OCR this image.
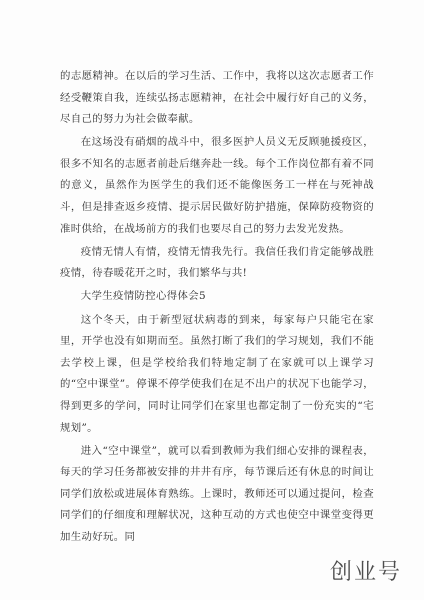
的志愿精神。在以后的学习生活、工作中，我将以这次志愿者工作经受鞭策自我，连续弘扬志愿精神，在社会中履行好自己的义务，尽自己的努力为社会做奉献。

在这场没有硝烟的战斗中，很多医护人员义无反顾驰援疫区，很多不知名的志愿者前赴后继奔赴一线。每个工作岗位都有着不同的意义，虽然作为医学生的我们还不能像医务工一样在与死神战斗，但是排查返乡疫情、提示居民做好防护措施，保障防疫物资的准时供给，在战场前方的我们也要尽自己的努力去发光发热。

疫情无情人有情，疫情无情我先行。我信任我们肯定能够战胜疫情，待春暖花开之时，我们繁华与共!

大学生疫情防控心得体会5

这个冬天，由于新型冠状病毒的到来，每家每户只能宅在家里，开学也没有如期而至。虽然打断了我们的学习规划，我们不能去学校上课，但是学校给我们特地定制了在家就可以上课学习的“空中课堂”。停课不停学使我们在足不出户的状况下也能学习，得到更多的学问，同时让同学们在家里也都定制了一份充实的“宅规划”。

进入“空中课堂”，就可以看到教师为我们细心安排的课程表，每天的学习任务都被安排的井井有序，每节课后还有休息的时间让同学们放松或进展体育熟练。上课时，教师还可以通过提问，检查同学们的仔细度和理解状况，这种互动的方式也使空中课堂变得更加生动好玩。同

创业号
